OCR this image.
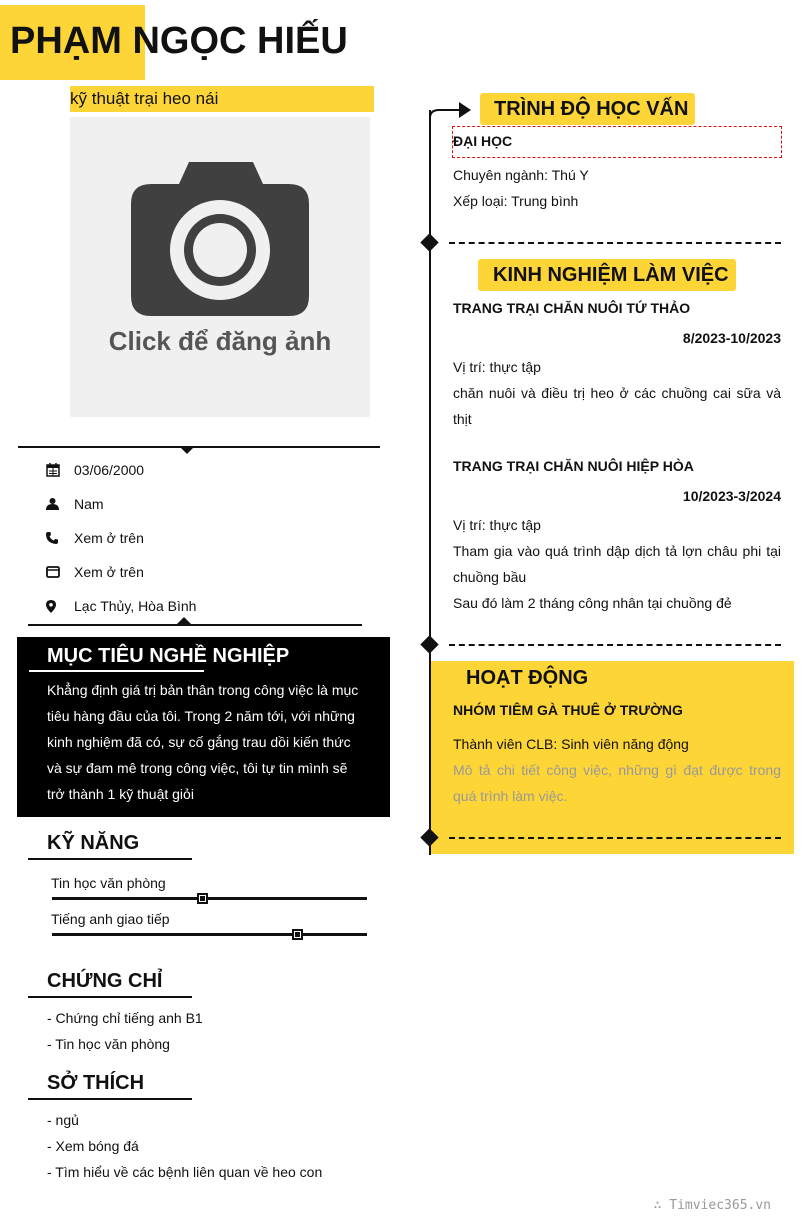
PHẠM NGỌC HIẾU
kỹ thuật trại heo nái
Click để đăng ảnh
03/06/2000
Nam
Xem ở trên
Xem ở trên
Lạc Thủy, Hòa Bình
MỤC TIÊU NGHỀ NGHIỆP
Khẳng định giá trị bản thân trong công việc là mục tiêu hàng đầu của tôi. Trong 2 năm tới, với những kinh nghiệm đã có, sự cố gắng trau dồi kiến thức và sự đam mê trong công việc, tôi tự tin mình sẽ trở thành 1 kỹ thuật giỏi
KỸ NĂNG
Tin học văn phòng
Tiếng anh giao tiếp
CHỨNG CHỈ
- Chứng chỉ tiếng anh B1
- Tin học văn phòng
SỞ THÍCH
- ngủ
- Xem bóng đá
- Tìm hiểu về các bệnh liên quan về heo con
TRÌNH ĐỘ HỌC VẤN
ĐẠI HỌC
Chuyên ngành: Thú Y
Xếp loại: Trung bình
KINH NGHIỆM LÀM VIỆC
TRANG TRẠI CHĂN NUÔI TỨ THẢO
8/2023-10/2023
Vị trí: thực tập
chăn nuôi và điều trị heo ở các chuồng cai sữa và thịt
TRANG TRẠI CHĂN NUÔI HIỆP HÒA
10/2023-3/2024
Vị trí: thực tập
Tham gia vào quá trình dập dịch tả lợn châu phi tại chuồng bầu
Sau đó làm 2 tháng công nhân tại chuồng đẻ
HOẠT ĐỘNG
NHÓM TIÊM GÀ THUÊ Ở TRƯỜNG
Thành viên CLB: Sinh viên năng động
Mô tả chi tiết công việc, những gì đạt được trong quá trình làm việc.
∴ Timviec365.vn
